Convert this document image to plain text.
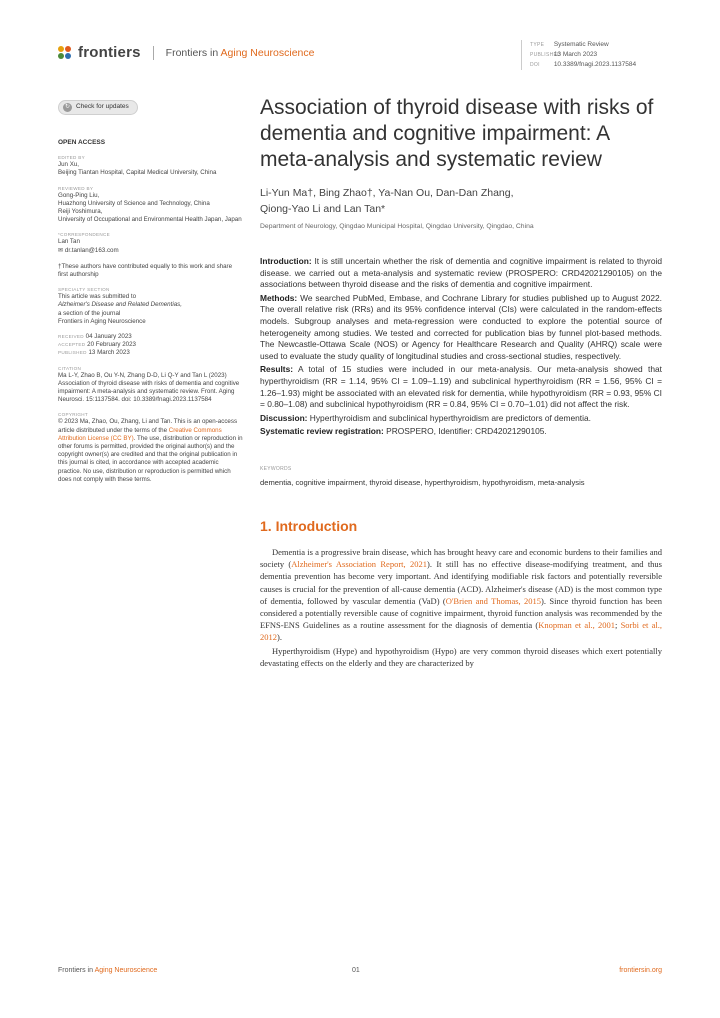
frontiers Frontiers in Aging Neuroscience
TYPE Systematic Review
PUBLISHED 13 March 2023
DOI 10.3389/fnagi.2023.1137584
↻ Check for updates
OPEN ACCESS
EDITED BY
Jun Xu,
Beijing Tiantan Hospital, Capital Medical University, China
REVIEWED BY
Gong-Ping Liu,
Huazhong University of Science and Technology, China
Reiji Yoshimura,
University of Occupational and Environmental Health Japan, Japan
*CORRESPONDENCE
Lan Tan
✉ dr.tanlan@163.com
†These authors have contributed equally to this work and share first authorship
SPECIALTY SECTION
This article was submitted to
Alzheimer's Disease and Related Dementias,
a section of the journal
Frontiers in Aging Neuroscience
RECEIVED 04 January 2023
ACCEPTED 20 February 2023
PUBLISHED 13 March 2023
CITATION
Ma L-Y, Zhao B, Ou Y-N, Zhang D-D, Li Q-Y and Tan L (2023) Association of thyroid disease with risks of dementia and cognitive impairment: A meta-analysis and systematic review. Front. Aging Neurosci. 15:1137584. doi: 10.3389/fnagi.2023.1137584
COPYRIGHT
© 2023 Ma, Zhao, Ou, Zhang, Li and Tan. This is an open-access article distributed under the terms of the Creative Commons Attribution License (CC BY). The use, distribution or reproduction in other forums is permitted, provided the original author(s) and the copyright owner(s) are credited and that the original publication in this journal is cited, in accordance with accepted academic practice. No use, distribution or reproduction is permitted which does not comply with these terms.
Association of thyroid disease with risks of dementia and cognitive impairment: A meta-analysis and systematic review
Li-Yun Ma†, Bing Zhao†, Ya-Nan Ou, Dan-Dan Zhang,
Qiong-Yao Li and Lan Tan*
Department of Neurology, Qingdao Municipal Hospital, Qingdao University, Qingdao, China

Introduction: It is still uncertain whether the risk of dementia and cognitive impairment is related to thyroid disease. we carried out a meta-analysis and systematic review (PROSPERO: CRD42021290105) on the associations between thyroid disease and the risks of dementia and cognitive impairment.

Methods: We searched PubMed, Embase, and Cochrane Library for studies published up to August 2022. The overall relative risk (RRs) and its 95% confidence interval (CIs) were calculated in the random-effects models. Subgroup analyses and meta-regression were conducted to explore the potential source of heterogeneity among studies. We tested and corrected for publication bias by funnel plot-based methods. The Newcastle-Ottawa Scale (NOS) or Agency for Healthcare Research and Quality (AHRQ) scale were used to evaluate the study quality of longitudinal studies and cross-sectional studies, respectively.

Results: A total of 15 studies were included in our meta-analysis. Our meta-analysis showed that hyperthyroidism (RR = 1.14, 95% CI = 1.09–1.19) and subclinical hyperthyroidism (RR = 1.56, 95% CI = 1.26–1.93) might be associated with an elevated risk for dementia, while hypothyroidism (RR = 0.93, 95% CI = 0.80–1.08) and subclinical hypothyroidism (RR = 0.84, 95% CI = 0.70–1.01) did not affect the risk.

Discussion: Hyperthyroidism and subclinical hyperthyroidism are predictors of dementia.

Systematic review registration: PROSPERO, Identifier: CRD42021290105.

KEYWORDS
dementia, cognitive impairment, thyroid disease, hyperthyroidism, hypothyroidism, meta-analysis
1. Introduction

Dementia is a progressive brain disease, which has brought heavy care and economic burdens to their families and society (Alzheimer's Association Report, 2021). It still has no effective disease-modifying treatment, and thus dementia prevention has become very important. And identifying modifiable risk factors and potentially reversible causes is crucial for the prevention of all-cause dementia (ACD). Alzheimer's disease (AD) is the most common type of dementia, followed by vascular dementia (VaD) (O'Brien and Thomas, 2015). Since thyroid function has been considered a potentially reversible cause of cognitive impairment, thyroid function analysis was recommended by the EFNS-ENS Guidelines as a routine assessment for the diagnosis of dementia (Knopman et al., 2001; Sorbi et al., 2012).

Hyperthyroidism (Hype) and hypothyroidism (Hypo) are very common thyroid diseases which exert potentially devastating effects on the elderly and they are characterized by

Frontiers in Aging Neuroscience	01	frontiersin.org
